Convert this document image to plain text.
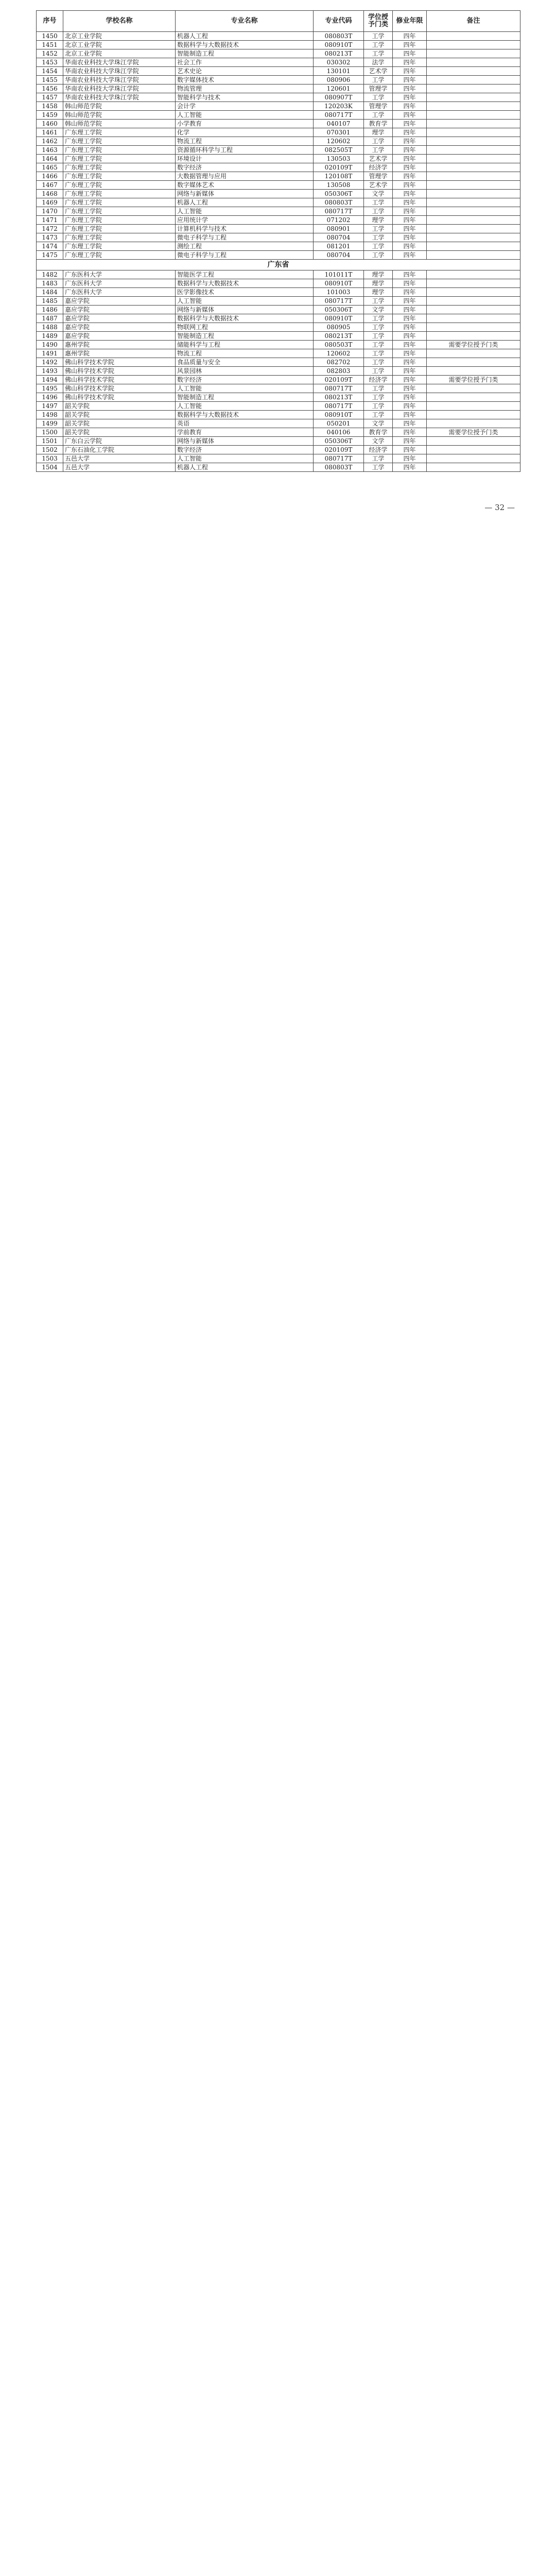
序号	学校名称	专业名称	专业代码	学位授予门类	修业年限	备注
1450	北京工业学院	机器人工程	080803T	工学	四年	
1451	北京工业学院	数据科学与大数据技术	080910T	工学	四年	
1452	北京工业学院	智能制造工程	080213T	工学	四年	
1453	华南农业科技大学珠江学院	社会工作	030302	法学	四年	
1454	华南农业科技大学珠江学院	艺术史论	130101	艺术学	四年	
1455	华南农业科技大学珠江学院	数字媒体技术	080906	工学	四年	
1456	华南农业科技大学珠江学院	物流管理	120601	管理学	四年	
1457	华南农业科技大学珠江学院	智能科学与技术	080907T	工学	四年	
1458	韩山师范学院	会计学	120203K	管理学	四年	
1459	韩山师范学院	人工智能	080717T	工学	四年	
1460	韩山师范学院	小学教育	040107	教育学	四年	
1461	广东理工学院	化学	070301	理学	四年	
1462	广东理工学院	物流工程	120602	工学	四年	
1463	广东理工学院	资源循环科学与工程	082505T	工学	四年	
1464	广东理工学院	环境设计	130503	艺术学	四年	
1465	广东理工学院	数字经济	020109T	经济学	四年	
1466	广东理工学院	大数据管理与应用	120108T	管理学	四年	
1467	广东理工学院	数字媒体艺术	130508	艺术学	四年	
1468	广东理工学院	网络与新媒体	050306T	文学	四年	
1469	广东理工学院	机器人工程	080803T	工学	四年	
1470	广东理工学院	人工智能	080717T	工学	四年	
1471	广东理工学院	应用统计学	071202	理学	四年	
1472	广东理工学院	计算机科学与技术	080901	工学	四年	
1473	广东理工学院	微电子科学与工程	080704	工学	四年	
1474	广东理工学院	测绘工程	081201	工学	四年	
1475	广东理工学院	微电子科学与工程	080704	工学	四年	
广东省						
1482	广东医科大学	智能医学工程	101011T	理学	四年	
1483	广东医科大学	数据科学与大数据技术	080910T	理学	四年	
1484	广东医科大学	医学影像技术	101003	理学	四年	
1485	嘉应学院	人工智能	080717T	工学	四年	
1486	嘉应学院	网络与新媒体	050306T	文学	四年	
1487	嘉应学院	数据科学与大数据技术	080910T	工学	四年	
1488	嘉应学院	物联网工程	080905	工学	四年	
1489	嘉应学院	智能制造工程	080213T	工学	四年	
1490	惠州学院	储能科学与工程	080503T	工学	四年	需要学位授予门类
1491	惠州学院	物流工程	120602	工学	四年	
1492	佛山科学技术学院	食品质量与安全	082702	工学	四年	
1493	佛山科学技术学院	风景园林	082803	工学	四年	
1494	佛山科学技术学院	数字经济	020109T	经济学	四年	需要学位授予门类
1495	佛山科学技术学院	人工智能	080717T	工学	四年	
1496	佛山科学技术学院	智能制造工程	080213T	工学	四年	
1497	韶关学院	人工智能	080717T	工学	四年	
1498	韶关学院	数据科学与大数据技术	080910T	工学	四年	
1499	韶关学院	英语	050201	文学	四年	
1500	韶关学院	学前教育	040106	教育学	四年	需要学位授予门类
1501	广东白云学院	网络与新媒体	050306T	文学	四年	
1502	广东石油化工学院	数字经济	020109T	经济学	四年	
1503	五邑大学	人工智能	080717T	工学	四年	
1504	五邑大学	机器人工程	080803T	工学	四年	
— 32 —
